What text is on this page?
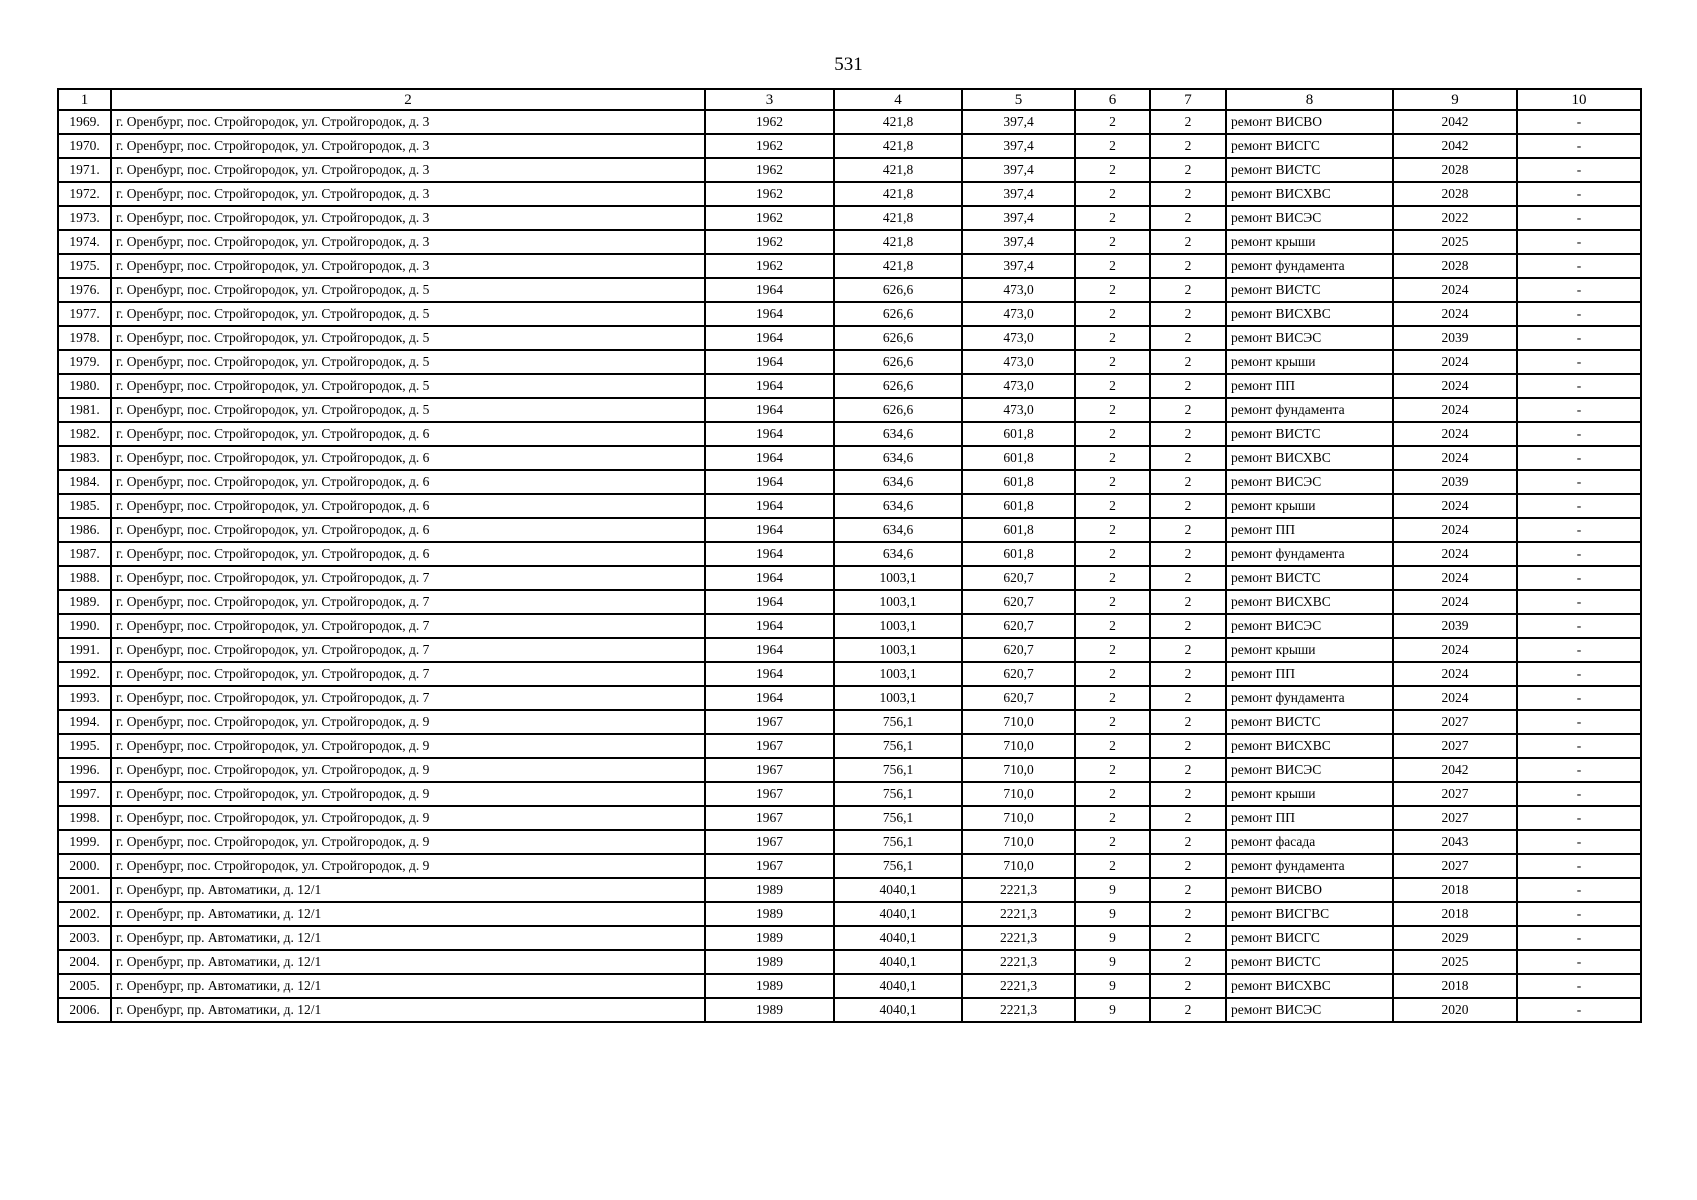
531
1	2	3	4	5	6	7	8	9	10
1969.	г. Оренбург, пос. Стройгородок, ул. Стройгородок, д. 3	1962	421,8	397,4	2	2	ремонт ВИСВО	2042	-
1970.	г. Оренбург, пос. Стройгородок, ул. Стройгородок, д. 3	1962	421,8	397,4	2	2	ремонт ВИСГС	2042	-
1971.	г. Оренбург, пос. Стройгородок, ул. Стройгородок, д. 3	1962	421,8	397,4	2	2	ремонт ВИСТС	2028	-
1972.	г. Оренбург, пос. Стройгородок, ул. Стройгородок, д. 3	1962	421,8	397,4	2	2	ремонт ВИСХВС	2028	-
1973.	г. Оренбург, пос. Стройгородок, ул. Стройгородок, д. 3	1962	421,8	397,4	2	2	ремонт ВИСЭС	2022	-
1974.	г. Оренбург, пос. Стройгородок, ул. Стройгородок, д. 3	1962	421,8	397,4	2	2	ремонт крыши	2025	-
1975.	г. Оренбург, пос. Стройгородок, ул. Стройгородок, д. 3	1962	421,8	397,4	2	2	ремонт фундамента	2028	-
1976.	г. Оренбург, пос. Стройгородок, ул. Стройгородок, д. 5	1964	626,6	473,0	2	2	ремонт ВИСТС	2024	-
1977.	г. Оренбург, пос. Стройгородок, ул. Стройгородок, д. 5	1964	626,6	473,0	2	2	ремонт ВИСХВС	2024	-
1978.	г. Оренбург, пос. Стройгородок, ул. Стройгородок, д. 5	1964	626,6	473,0	2	2	ремонт ВИСЭС	2039	-
1979.	г. Оренбург, пос. Стройгородок, ул. Стройгородок, д. 5	1964	626,6	473,0	2	2	ремонт крыши	2024	-
1980.	г. Оренбург, пос. Стройгородок, ул. Стройгородок, д. 5	1964	626,6	473,0	2	2	ремонт ПП	2024	-
1981.	г. Оренбург, пос. Стройгородок, ул. Стройгородок, д. 5	1964	626,6	473,0	2	2	ремонт фундамента	2024	-
1982.	г. Оренбург, пос. Стройгородок, ул. Стройгородок, д. 6	1964	634,6	601,8	2	2	ремонт ВИСТС	2024	-
1983.	г. Оренбург, пос. Стройгородок, ул. Стройгородок, д. 6	1964	634,6	601,8	2	2	ремонт ВИСХВС	2024	-
1984.	г. Оренбург, пос. Стройгородок, ул. Стройгородок, д. 6	1964	634,6	601,8	2	2	ремонт ВИСЭС	2039	-
1985.	г. Оренбург, пос. Стройгородок, ул. Стройгородок, д. 6	1964	634,6	601,8	2	2	ремонт крыши	2024	-
1986.	г. Оренбург, пос. Стройгородок, ул. Стройгородок, д. 6	1964	634,6	601,8	2	2	ремонт ПП	2024	-
1987.	г. Оренбург, пос. Стройгородок, ул. Стройгородок, д. 6	1964	634,6	601,8	2	2	ремонт фундамента	2024	-
1988.	г. Оренбург, пос. Стройгородок, ул. Стройгородок, д. 7	1964	1003,1	620,7	2	2	ремонт ВИСТС	2024	-
1989.	г. Оренбург, пос. Стройгородок, ул. Стройгородок, д. 7	1964	1003,1	620,7	2	2	ремонт ВИСХВС	2024	-
1990.	г. Оренбург, пос. Стройгородок, ул. Стройгородок, д. 7	1964	1003,1	620,7	2	2	ремонт ВИСЭС	2039	-
1991.	г. Оренбург, пос. Стройгородок, ул. Стройгородок, д. 7	1964	1003,1	620,7	2	2	ремонт крыши	2024	-
1992.	г. Оренбург, пос. Стройгородок, ул. Стройгородок, д. 7	1964	1003,1	620,7	2	2	ремонт ПП	2024	-
1993.	г. Оренбург, пос. Стройгородок, ул. Стройгородок, д. 7	1964	1003,1	620,7	2	2	ремонт фундамента	2024	-
1994.	г. Оренбург, пос. Стройгородок, ул. Стройгородок, д. 9	1967	756,1	710,0	2	2	ремонт ВИСТС	2027	-
1995.	г. Оренбург, пос. Стройгородок, ул. Стройгородок, д. 9	1967	756,1	710,0	2	2	ремонт ВИСХВС	2027	-
1996.	г. Оренбург, пос. Стройгородок, ул. Стройгородок, д. 9	1967	756,1	710,0	2	2	ремонт ВИСЭС	2042	-
1997.	г. Оренбург, пос. Стройгородок, ул. Стройгородок, д. 9	1967	756,1	710,0	2	2	ремонт крыши	2027	-
1998.	г. Оренбург, пос. Стройгородок, ул. Стройгородок, д. 9	1967	756,1	710,0	2	2	ремонт ПП	2027	-
1999.	г. Оренбург, пос. Стройгородок, ул. Стройгородок, д. 9	1967	756,1	710,0	2	2	ремонт фасада	2043	-
2000.	г. Оренбург, пос. Стройгородок, ул. Стройгородок, д. 9	1967	756,1	710,0	2	2	ремонт фундамента	2027	-
2001.	г. Оренбург, пр. Автоматики, д. 12/1	1989	4040,1	2221,3	9	2	ремонт ВИСВО	2018	-
2002.	г. Оренбург, пр. Автоматики, д. 12/1	1989	4040,1	2221,3	9	2	ремонт ВИСГВС	2018	-
2003.	г. Оренбург, пр. Автоматики, д. 12/1	1989	4040,1	2221,3	9	2	ремонт ВИСГС	2029	-
2004.	г. Оренбург, пр. Автоматики, д. 12/1	1989	4040,1	2221,3	9	2	ремонт ВИСТС	2025	-
2005.	г. Оренбург, пр. Автоматики, д. 12/1	1989	4040,1	2221,3	9	2	ремонт ВИСХВС	2018	-
2006.	г. Оренбург, пр. Автоматики, д. 12/1	1989	4040,1	2221,3	9	2	ремонт ВИСЭС	2020	-
